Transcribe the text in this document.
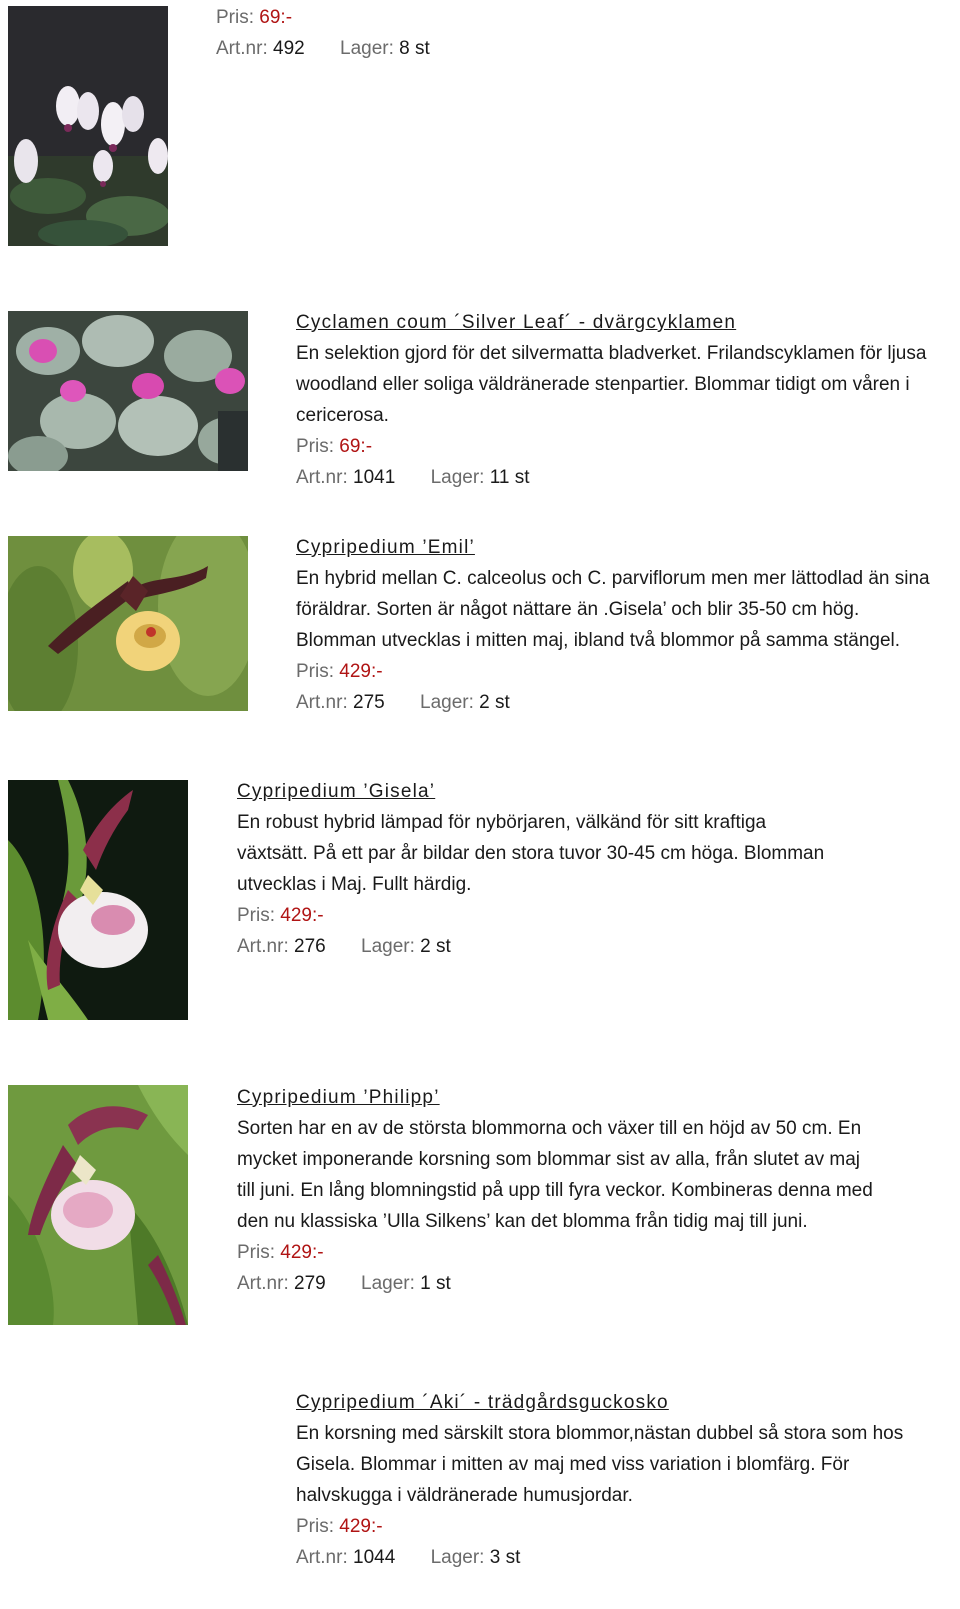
Pris: 69:-
Art.nr: 492 Lager: 8 st
Cyclamen coum ´Silver Leaf´ - dvärgcyklamen

En selektion gjord för det silvermatta bladverket. Frilandscyklamen för ljusa woodland eller soliga väldränerade stenpartier. Blommar tidigt om våren i cericerosa.

Pris: 69:-
Art.nr: 1041 Lager: 11 st
Cypripedium ’Emil’

En hybrid mellan C. calceolus och C. parviflorum men mer lättodlad än sina föräldrar. Sorten är något nättare än .Gisela’ och blir 35-50 cm hög. Blomman utvecklas i mitten maj, ibland två blommor på samma stängel.

Pris: 429:-
Art.nr: 275 Lager: 2 st
Cypripedium ’Gisela’

En robust hybrid lämpad för nybörjaren, välkänd för sitt kraftiga växtsätt. På ett par år bildar den stora tuvor 30-45 cm höga. Blomman utvecklas i Maj. Fullt härdig.

Pris: 429:-
Art.nr: 276 Lager: 2 st
Cypripedium ’Philipp’

Sorten har en av de största blommorna och växer till en höjd av 50 cm. En mycket imponerande korsning som blommar sist av alla, från slutet av maj till juni. En lång blomningstid på upp till fyra veckor. Kombineras denna med den nu klassiska ’Ulla Silkens’ kan det blomma från tidig maj till juni.

Pris: 429:-
Art.nr: 279 Lager: 1 st
Cypripedium ´Aki´ - trädgårdsguckosko

En korsning med särskilt stora blommor,nästan dubbel så stora som hos Gisela. Blommar i mitten av maj med viss variation i blomfärg. För halvskugga i väldränerade humusjordar.

Pris: 429:-
Art.nr: 1044 Lager: 3 st
